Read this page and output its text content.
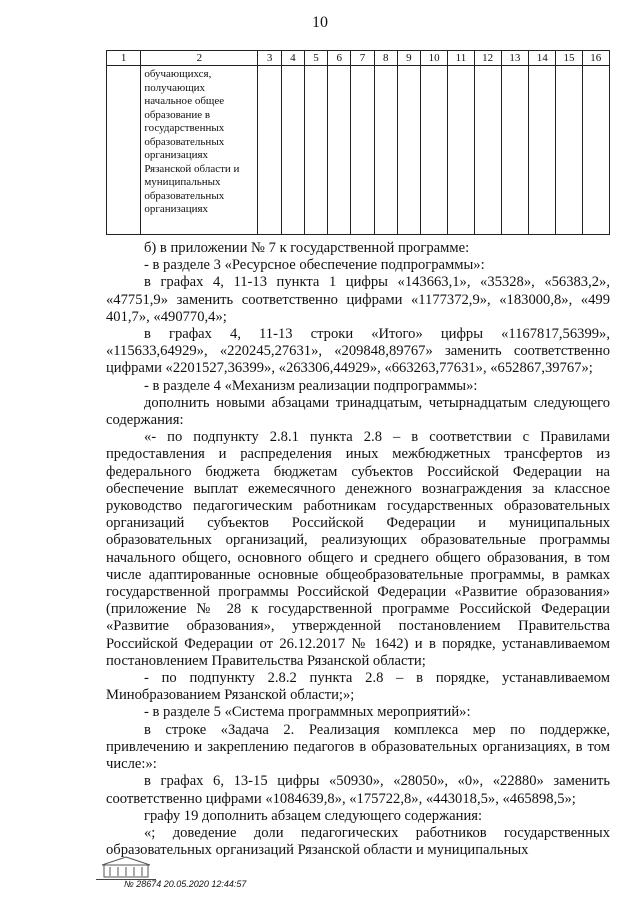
10
1	2	3	4	5	6	7	8	9	10	11	12	13	14	15	16
	обучающихся, получающих начальное общее образование в государственных образовательных организациях Рязанской области и муниципальных образовательных организациях														

б) в приложении № 7 к государственной программе:

- в разделе 3 «Ресурсное обеспечение подпрограммы»:

в графах 4, 11-13 пункта 1 цифры «143663,1», «35328», «56383,2», «47751,9» заменить соответственно цифрами «1177372,9», «183000,8», «499 401,7», «490770,4»;

в графах 4, 11-13 строки «Итого» цифры «1167817,56399», «115633,64929», «220245,27631», «209848,89767» заменить соответственно цифрами «2201527,36399», «263306,44929», «663263,77631», «652867,39767»;

- в разделе 4 «Механизм реализации подпрограммы»:

дополнить новыми абзацами тринадцатым, четырнадцатым следующего содержания:

«- по подпункту 2.8.1 пункта 2.8 – в соответствии с Правилами предоставления и распределения иных межбюджетных трансфертов из федерального бюджета бюджетам субъектов Российской Федерации на обеспечение выплат ежемесячного денежного вознаграждения за классное руководство педагогическим работникам государственных образовательных организаций субъектов Российской Федерации и муниципальных образовательных организаций, реализующих образовательные программы начального общего, основного общего и среднего общего образования, в том числе адаптированные основные общеобразовательные программы, в рамках государственной программы Российской Федерации «Развитие образования» (приложение № 28 к государственной программе Российской Федерации «Развитие образования», утвержденной постановлением Правительства Российской Федерации от 26.12.2017 № 1642) и в порядке, устанавливаемом постановлением Правительства Рязанской области;

- по подпункту 2.8.2 пункта 2.8 – в порядке, устанавливаемом Минобразованием Рязанской области;»;

- в разделе 5 «Система программных мероприятий»:

в строке «Задача 2. Реализация комплекса мер по поддержке, привлечению и закреплению педагогов в образовательных организациях, в том числе:»:

в графах 6, 13-15 цифры «50930», «28050», «0», «22880» заменить соответственно цифрами «1084639,8», «175722,8», «443018,5», «465898,5»;

графу 19 дополнить абзацем следующего содержания:

«; доведение доли педагогических работников государственных образовательных организаций Рязанской области и муниципальных

№ 28674 20.05.2020 12:44:57
